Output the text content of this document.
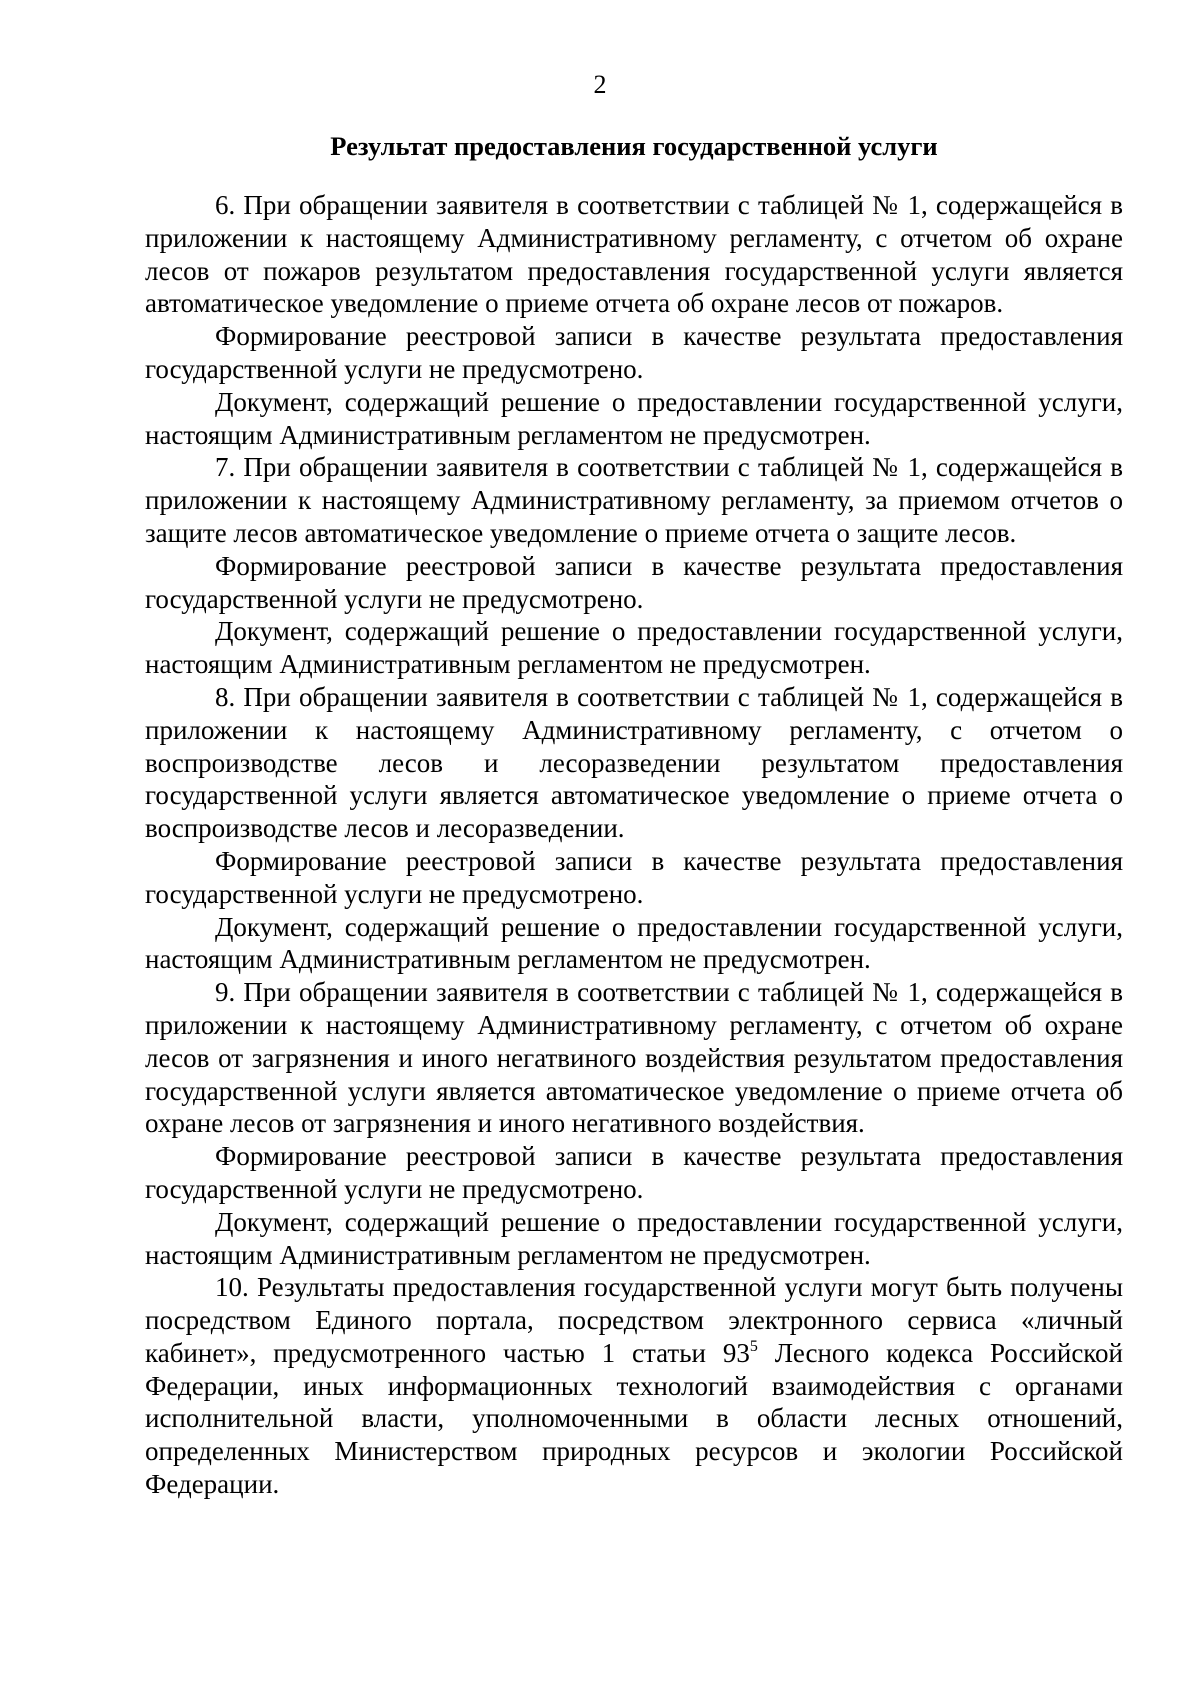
2
Результат предоставления государственной услуги

6. При обращении заявителя в соответствии с таблицей № 1, содержащейся в приложении к настоящему Административному регламенту, с отчетом об охране лесов от пожаров результатом предоставления государственной услуги является автоматическое уведомление о приеме отчета об охране лесов от пожаров.

Формирование реестровой записи в качестве результата предоставления государственной услуги не предусмотрено.

Документ, содержащий решение о предоставлении государственной услуги, настоящим Административным регламентом не предусмотрен.

7. При обращении заявителя в соответствии с таблицей № 1, содержащейся в приложении к настоящему Административному регламенту, за приемом отчетов о защите лесов автоматическое уведомление о приеме отчета о защите лесов.

Формирование реестровой записи в качестве результата предоставления государственной услуги не предусмотрено.

Документ, содержащий решение о предоставлении государственной услуги, настоящим Административным регламентом не предусмотрен.

8. При обращении заявителя в соответствии с таблицей № 1, содержащейся в приложении к настоящему Административному регламенту, с отчетом о воспроизводстве лесов и лесоразведении результатом предоставления государственной услуги является автоматическое уведомление о приеме отчета о воспроизводстве лесов и лесоразведении.

Формирование реестровой записи в качестве результата предоставления государственной услуги не предусмотрено.

Документ, содержащий решение о предоставлении государственной услуги, настоящим Административным регламентом не предусмотрен.

9. При обращении заявителя в соответствии с таблицей № 1, содержащейся в приложении к настоящему Административному регламенту, с отчетом об охране лесов от загрязнения и иного негатвиного воздействия результатом предоставления государственной услуги является автоматическое уведомление о приеме отчета об охране лесов от загрязнения и иного негативного воздействия.

Формирование реестровой записи в качестве результата предоставления государственной услуги не предусмотрено.

Документ, содержащий решение о предоставлении государственной услуги, настоящим Административным регламентом не предусмотрен.

10. Результаты предоставления государственной услуги могут быть получены посредством Единого портала, посредством электронного сервиса «личный кабинет», предусмотренного частью 1 статьи $93^5$ Лесного кодекса Российской Федерации, иных информационных технологий взаимодействия с органами исполнительной власти, уполномоченными в области лесных отношений, определенных Министерством природных ресурсов и экологии Российской Федерации.
